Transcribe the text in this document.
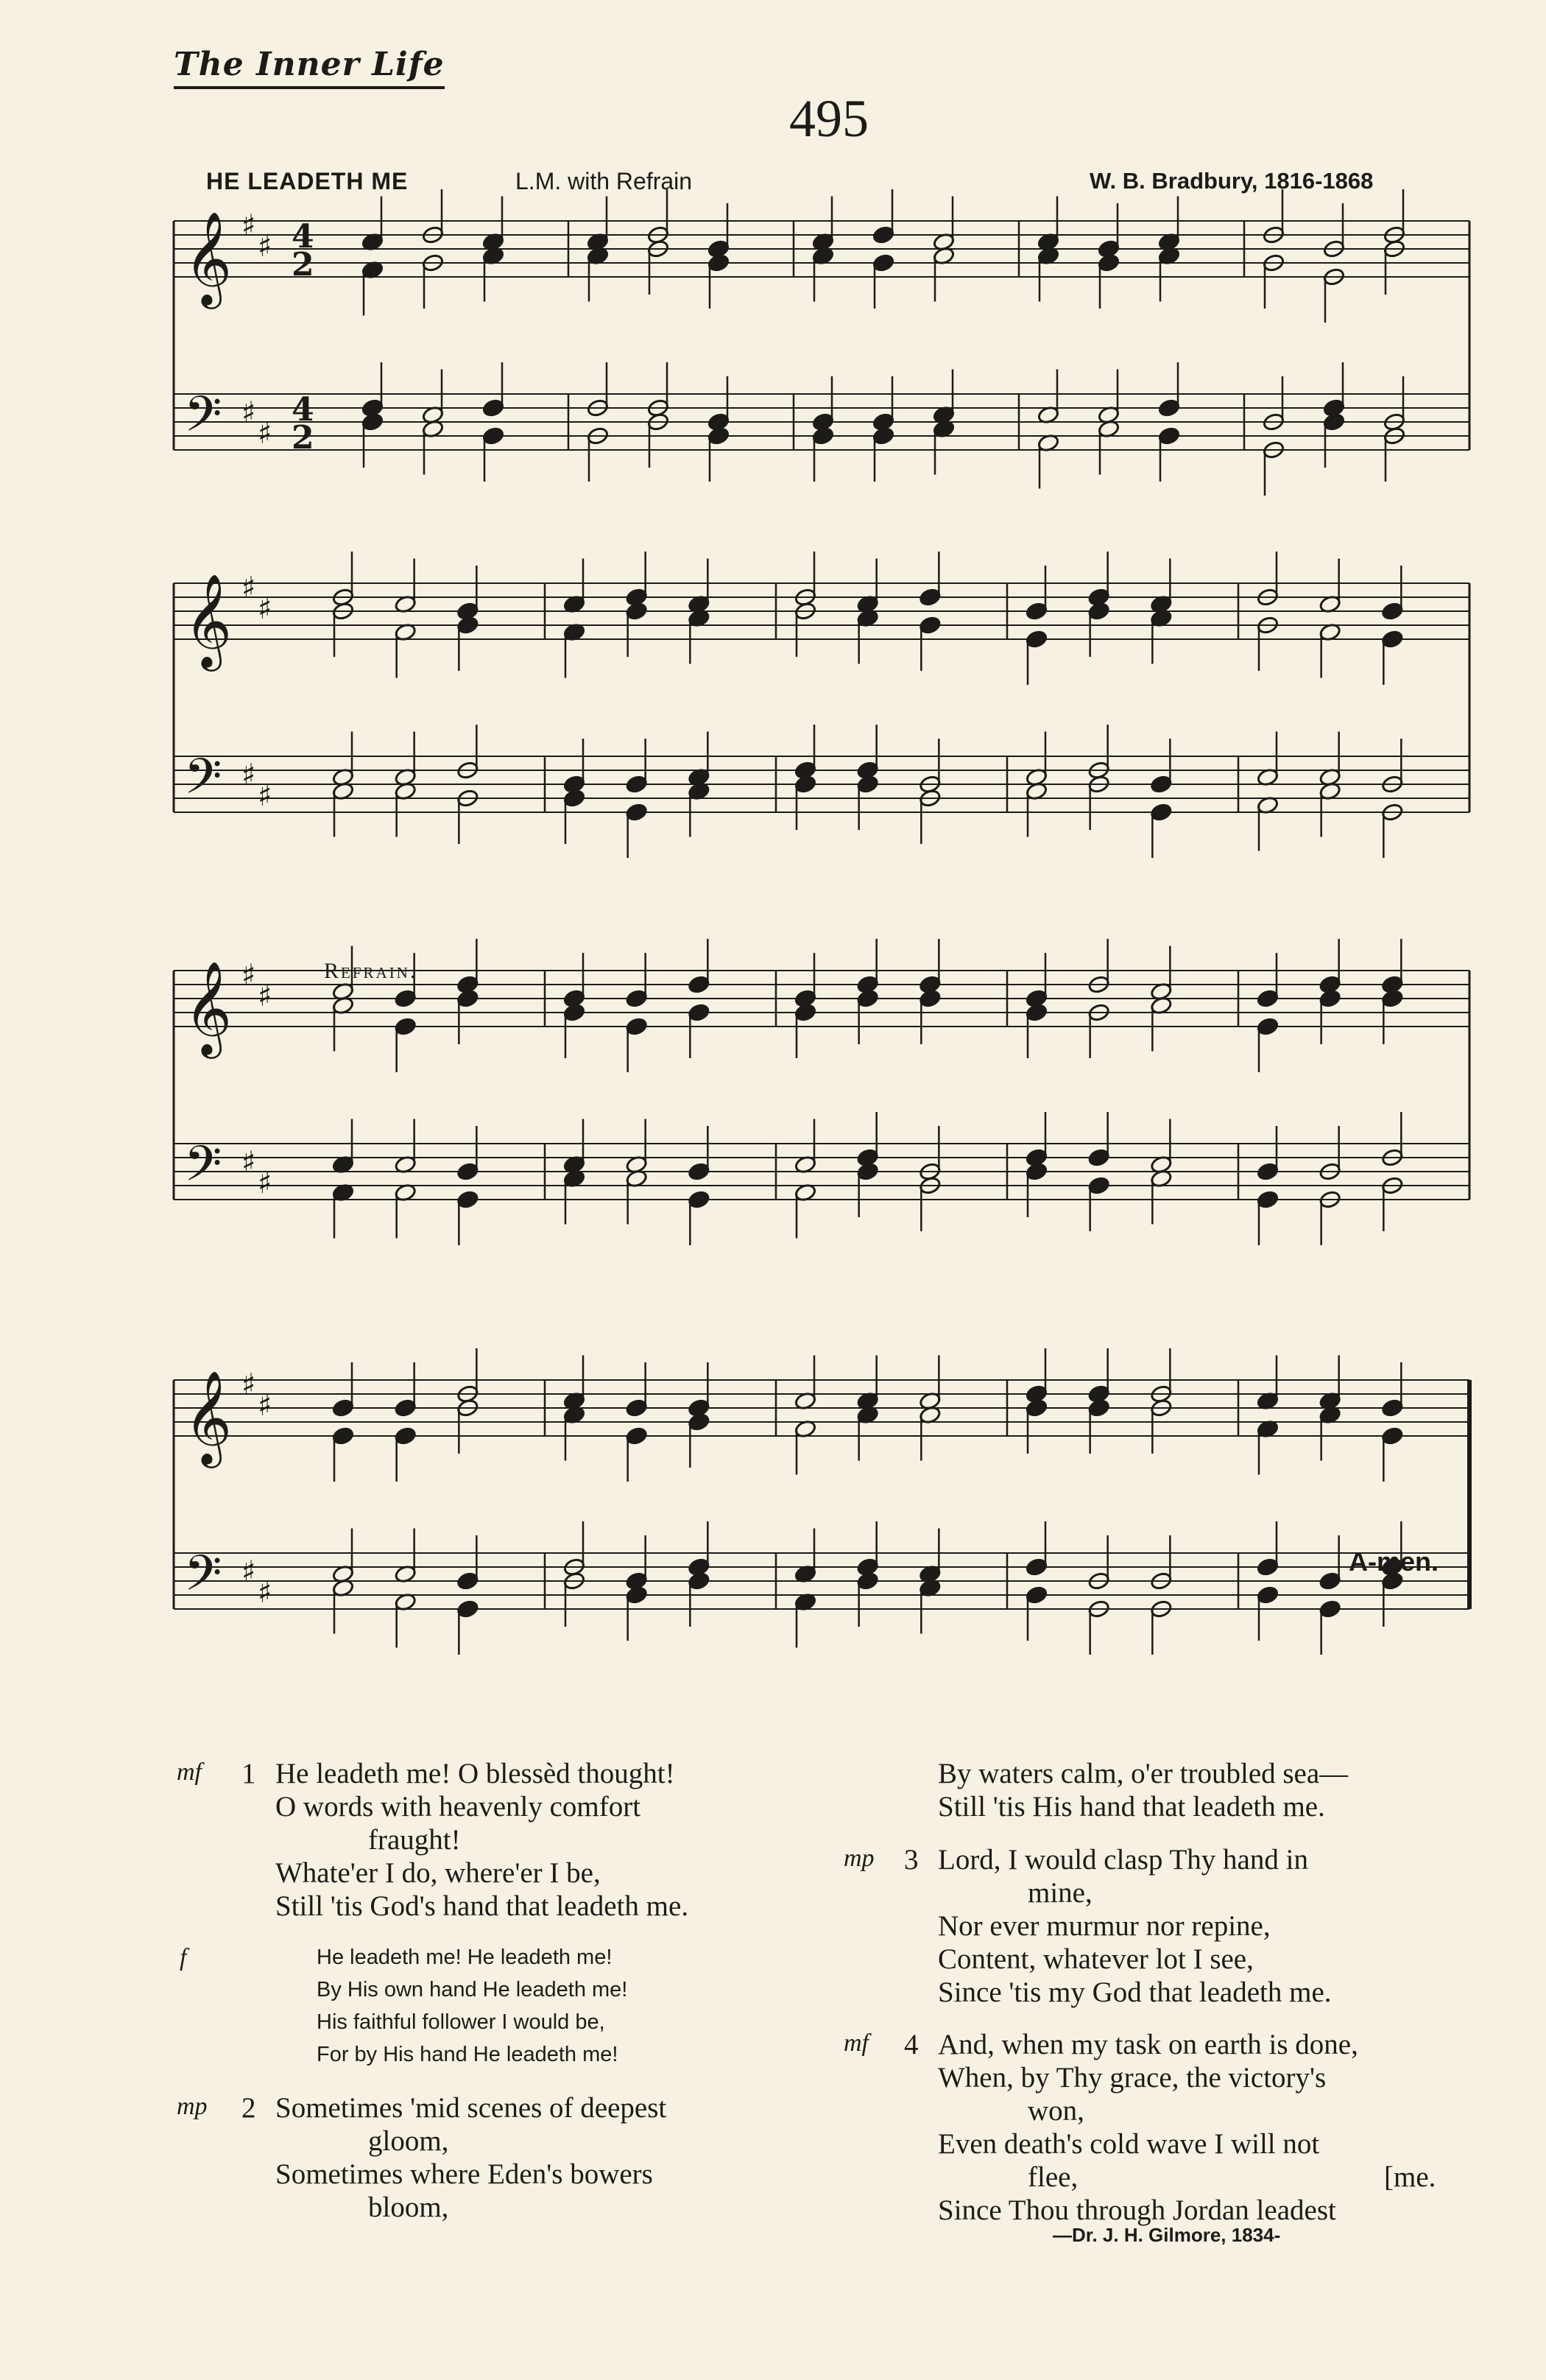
The Inner Life
495
HE LEADETH ME	L.M. with Refrain	W. B. Bradbury, 1816-1868
𝄞
𝄢
♯
♯
♯
♯
4
2
4
2
𝄞
𝄢
♯
♯
♯
♯
𝄞
𝄢
♯
♯
♯
♯
𝄞
𝄢
♯
♯
♯
♯
Refrain.
A-men.
mf 1 He leadeth me! O blessèd thought!
O words with heavenly comfort
fraught!
Whate'er I do, where'er I be,
Still 'tis God's hand that leadeth me.
f	He leadeth me! He leadeth me!
By His own hand He leadeth me!
His faithful follower I would be,
For by His hand He leadeth me!
mp 2 Sometimes 'mid scenes of deepest
gloom,
Sometimes where Eden's bowers
bloom,
By waters calm, o'er troubled sea—
Still 'tis His hand that leadeth me.
mp 3 Lord, I would clasp Thy hand in
mine,
Nor ever murmur nor repine,
Content, whatever lot I see,
Since 'tis my God that leadeth me.
mf 4 And, when my task on earth is done,
When, by Thy grace, the victory's
won,
Even death's cold wave I will not
flee,	[me.
Since Thou through Jordan leadest
—Dr. J. H. Gilmore, 1834-
